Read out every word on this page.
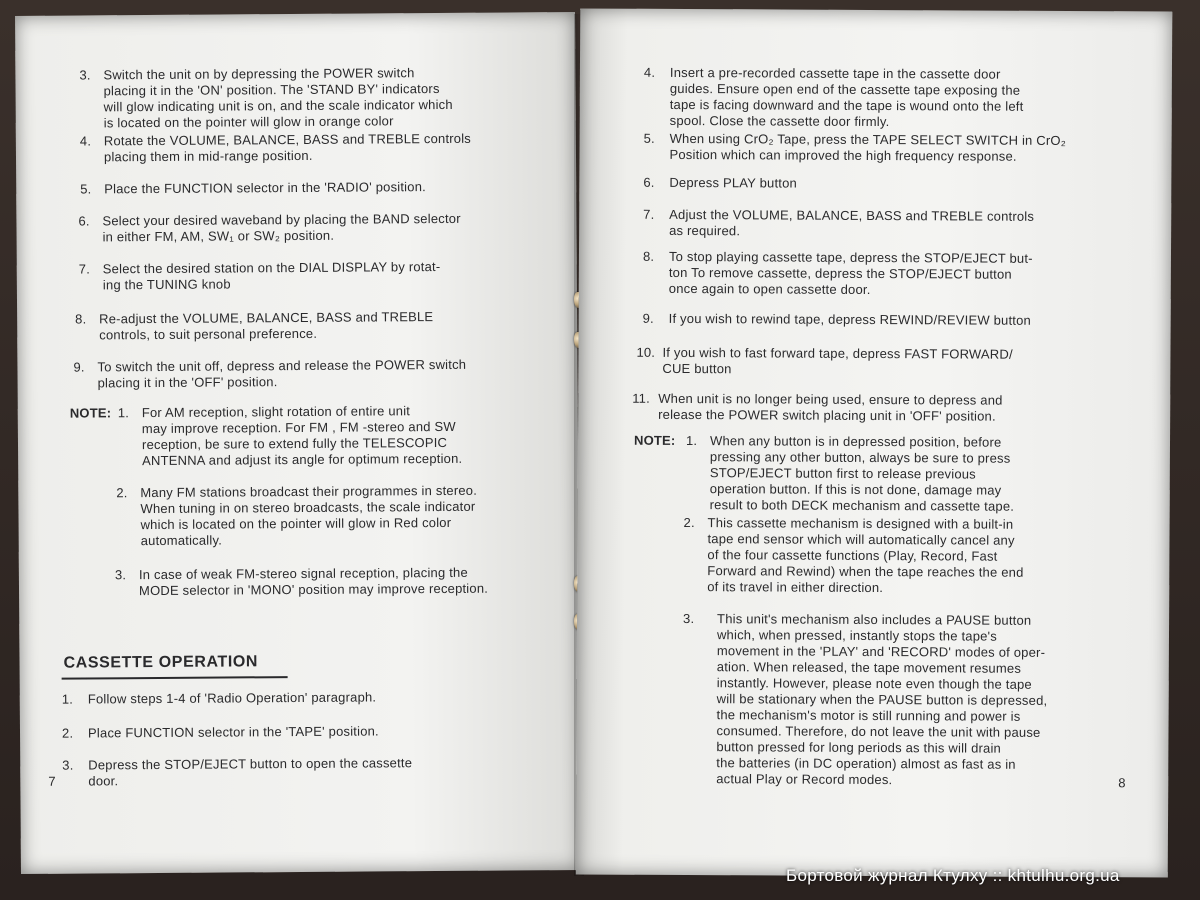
3. Switch the unit on by depressing the POWER switch
placing it in the 'ON' position. The 'STAND BY' indicators
will glow indicating unit is on, and the scale indicator which
is located on the pointer will glow in orange color
4. Rotate the VOLUME, BALANCE, BASS and TREBLE controls
placing them in mid-range position.
5. Place the FUNCTION selector in the 'RADIO' position.
6. Select your desired waveband by placing the BAND selector
in either FM, AM, SW₁ or SW₂ position.
7. Select the desired station on the DIAL DISPLAY by rotat-
ing the TUNING knob
8. Re-adjust the VOLUME, BALANCE, BASS and TREBLE
controls, to suit personal preference.
9. To switch the unit off, depress and release the POWER switch
placing it in the 'OFF' position.
NOTE: 1. For AM reception, slight rotation of entire unit
may improve reception. For FM , FM -stereo and SW
reception, be sure to extend fully the TELESCOPIC
ANTENNA and adjust its angle for optimum reception.
2. Many FM stations broadcast their programmes in stereo.
When tuning in on stereo broadcasts, the scale indicator
which is located on the pointer will glow in Red color
automatically.
3. In case of weak FM-stereo signal reception, placing the
MODE selector in 'MONO' position may improve reception.
CASSETTE OPERATION
1.	Follow steps 1-4 of 'Radio Operation' paragraph.
2.	Place FUNCTION selector in the 'TAPE' position.
3.	Depress the STOP/EJECT button to open the cassette
door.
7
4.	Insert a pre-recorded cassette tape in the cassette door
guides. Ensure open end of the cassette tape exposing the
tape is facing downward and the tape is wound onto the left
spool. Close the cassette door firmly.
5.	When using CrO₂ Tape, press the TAPE SELECT SWITCH in CrO₂
Position which can improved the high frequency response.
6.	Depress PLAY button
7.	Adjust the VOLUME, BALANCE, BASS and TREBLE controls
as required.
8.	To stop playing cassette tape, depress the STOP/EJECT but-
ton To remove cassette, depress the STOP/EJECT button
once again to open cassette door.
9.	If you wish to rewind tape, depress REWIND/REVIEW button
10. If you wish to fast forward tape, depress FAST FORWARD/
CUE button
11. When unit is no longer being used, ensure to depress and
release the POWER switch placing unit in 'OFF' position.
NOTE: 1. When any button is in depressed position, before
pressing any other button, always be sure to press
STOP/EJECT button first to release previous
operation button. If this is not done, damage may
result to both DECK mechanism and cassette tape.
2. This cassette mechanism is designed with a built-in
tape end sensor which will automatically cancel any
of the four cassette functions (Play, Record, Fast
Forward and Rewind) when the tape reaches the end
of its travel in either direction.
3.	This unit's mechanism also includes a PAUSE button
which, when pressed, instantly stops the tape's
movement in the 'PLAY' and 'RECORD' modes of oper-
ation. When released, the tape movement resumes
instantly. However, please note even though the tape
will be stationary when the PAUSE button is depressed,
the mechanism's motor is still running and power is
consumed. Therefore, do not leave the unit with pause
button pressed for long periods as this will drain
the batteries (in DC operation) almost as fast as in
actual Play or Record modes.	8
Бортовой журнал Ктулху :: khtulhu.org.ua
